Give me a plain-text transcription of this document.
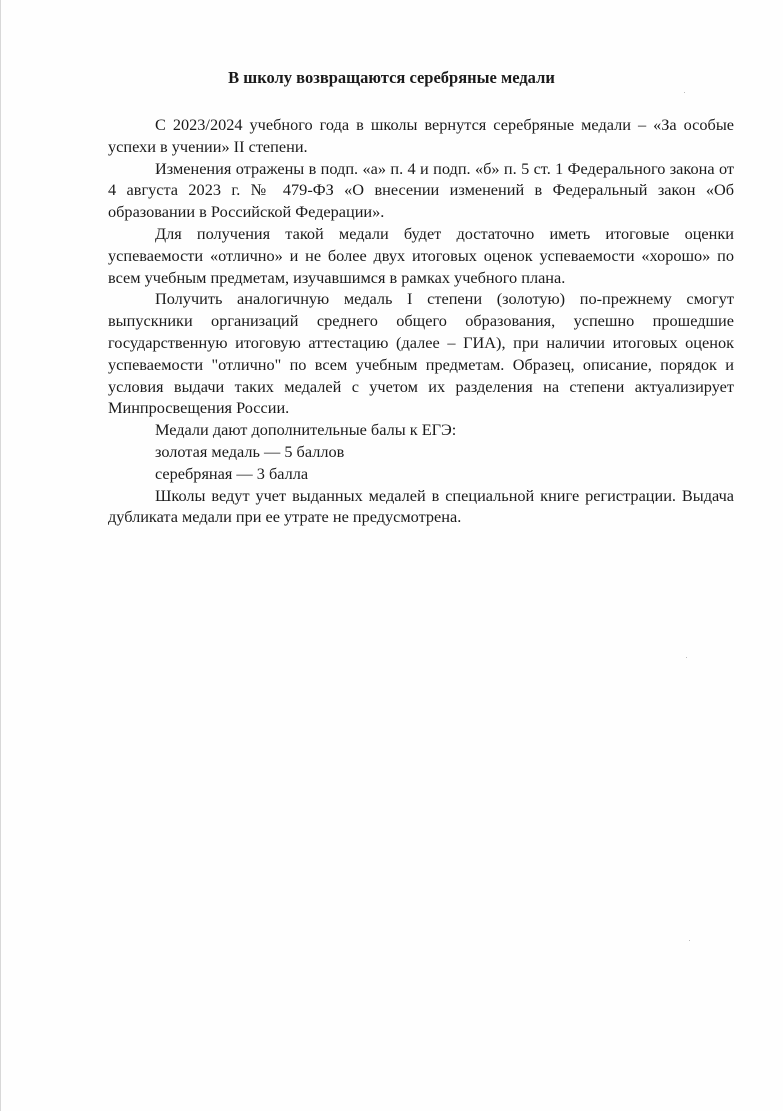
В школу возвращаются серебряные медали

С 2023/2024 учебного года в школы вернутся серебряные медали – «За особые успехи в учении» II степени.

Изменения отражены в подп. «а» п. 4 и подп. «б» п. 5 ст. 1 Федерального закона от 4 августа 2023 г. № 479-ФЗ «О внесении изменений в Федеральный закон «Об образовании в Российской Федерации».

Для получения такой медали будет достаточно иметь итоговые оценки успеваемости «отлично» и не более двух итоговых оценок успеваемости «хорошо» по всем учебным предметам, изучавшимся в рамках учебного плана.

Получить аналогичную медаль I степени (золотую) по-прежнему смогут выпускники организаций среднего общего образования, успешно прошедшие государственную итоговую аттестацию (далее – ГИА), при наличии итоговых оценок успеваемости "отлично" по всем учебным предметам. Образец, описание, порядок и условия выдачи таких медалей с учетом их разделения на степени актуализирует Минпросвещения России.

Медали дают дополнительные балы к ЕГЭ:

золотая медаль — 5 баллов

серебряная — 3 балла

Школы ведут учет выданных медалей в специальной книге регистрации. Выдача дубликата медали при ее утрате не предусмотрена.
